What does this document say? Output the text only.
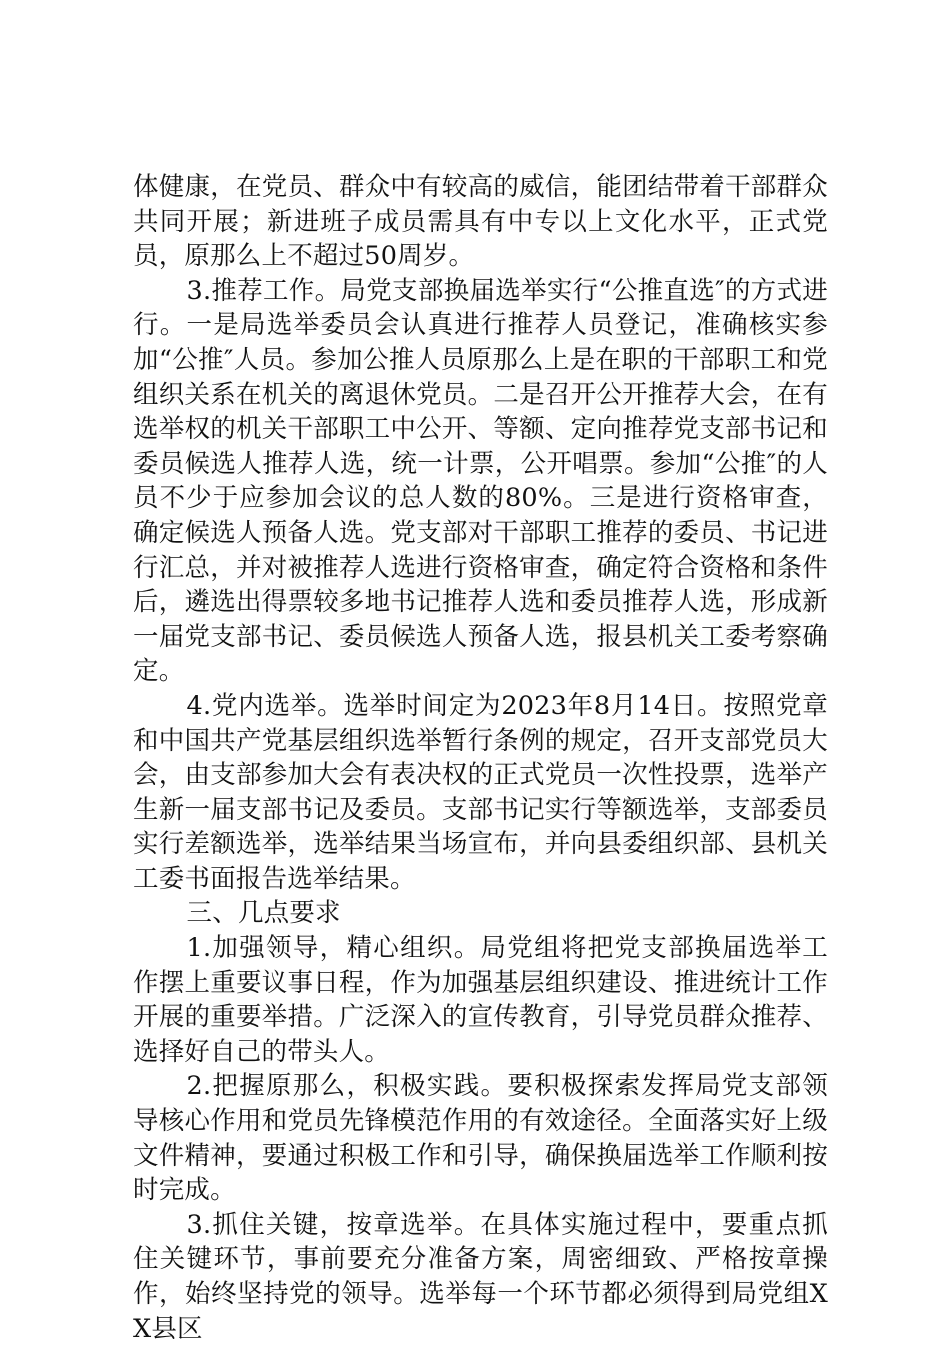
体健康，在党员、群众中有较高的威信，能团结带着干部群众共同开展；新进班子成员需具有中专以上文化水平，正式党员，原那么上不超过50周岁。

3.推荐工作。局党支部换届选举实行“公推直选″的方式进行。一是局选举委员会认真进行推荐人员登记，准确核实参加“公推″人员。参加公推人员原那么上是在职的干部职工和党组织关系在机关的离退休党员。二是召开公开推荐大会，在有选举权的机关干部职工中公开、等额、定向推荐党支部书记和委员候选人推荐人选，统一计票，公开唱票。参加“公推″的人员不少于应参加会议的总人数的80%。三是进行资格审查，确定候选人预备人选。党支部对干部职工推荐的委员、书记进行汇总，并对被推荐人选进行资格审查，确定符合资格和条件后，遴选出得票较多地书记推荐人选和委员推荐人选，形成新一届党支部书记、委员候选人预备人选，报县机关工委考察确定。

4.党内选举。选举时间定为2023年8月14日。按照党章和中国共产党基层组织选举暂行条例的规定，召开支部党员大会，由支部参加大会有表决权的正式党员一次性投票，选举产生新一届支部书记及委员。支部书记实行等额选举，支部委员实行差额选举，选举结果当场宣布，并向县委组织部、县机关工委书面报告选举结果。

三、几点要求

1.加强领导，精心组织。局党组将把党支部换届选举工作摆上重要议事日程，作为加强基层组织建设、推进统计工作开展的重要举措。广泛深入的宣传教育，引导党员群众推荐、选择好自己的带头人。

2.把握原那么，积极实践。要积极探索发挥局党支部领导核心作用和党员先锋模范作用的有效途径。全面落实好上级文件精神，要通过积极工作和引导，确保换届选举工作顺利按时完成。

3.抓住关键，按章选举。在具体实施过程中，要重点抓住关键环节，事前要充分准备方案，周密细致、严格按章操作，始终坚持党的领导。选举每一个环节都必须得到局党组XX县区
